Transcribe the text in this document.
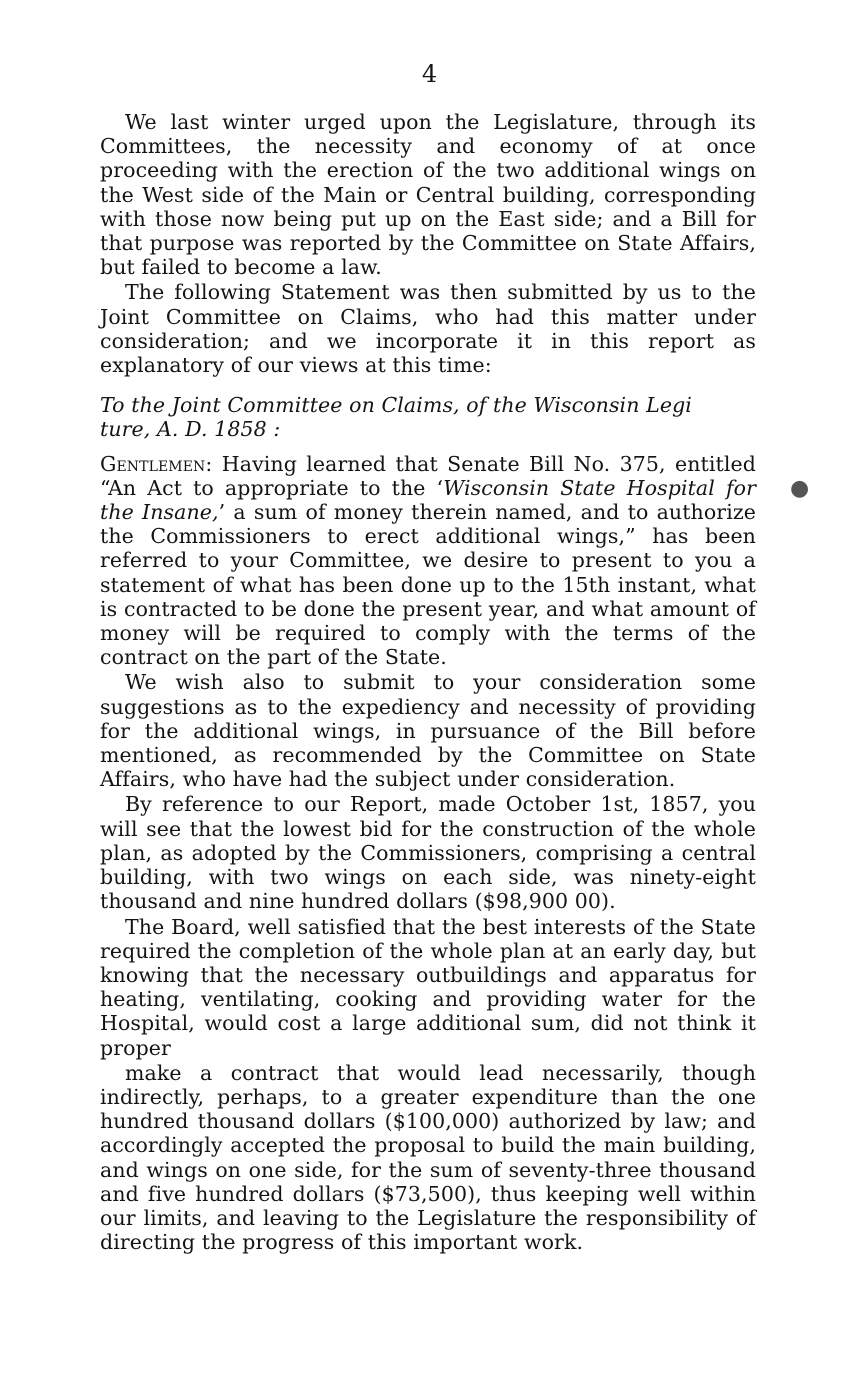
4

We last winter urged upon the Legislature, through its Committees, the necessity and economy of at once proceeding with the erection of the two additional wings on the West side of the Main or Central building, corresponding with those now being put up on the East side; and a Bill for that purpose was reported by the Committee on State Affairs, but failed to become a law.

The following Statement was then submitted by us to the Joint Committee on Claims, who had this matter under consideration; and we incorporate it in this report as explanatory of our views at this time:

To the Joint Committee on Claims, of the Wisconsin Legi
ture, A. D. 1858 :

Gentlemen: Having learned that Senate Bill No. 375, entitled “An Act to appropriate to the ‘Wisconsin State Hospital for the Insane,’ a sum of money therein named, and to authorize the Commissioners to erect additional wings,” has been referred to your Committee, we desire to present to you a statement of what has been done up to the 15th instant, what is contracted to be done the present year, and what amount of money will be required to comply with the terms of the contract on the part of the State.

We wish also to submit to your consideration some suggestions as to the expediency and necessity of providing for the additional wings, in pursuance of the Bill before mentioned, as recommended by the Committee on State Affairs, who have had the subject under consideration.

By reference to our Report, made October 1st, 1857, you will see that the lowest bid for the construction of the whole plan, as adopted by the Commissioners, comprising a central building, with two wings on each side, was ninety-eight thousand and nine hundred dollars ($98,900 00).

The Board, well satisfied that the best interests of the State required the completion of the whole plan at an early day, but knowing that the necessary outbuildings and apparatus for heating, ventilating, cooking and providing water for the Hospital, would cost a large additional sum, did not think it proper

make a contract that would lead necessarily, though indirectly, perhaps, to a greater expenditure than the one hundred thousand dollars ($100,000) authorized by law; and accordingly accepted the proposal to build the main building, and wings on one side, for the sum of seventy-three thousand and five hundred dollars ($73,500), thus keeping well within our limits, and leaving to the Legislature the responsibility of directing the progress of this important work.

●
